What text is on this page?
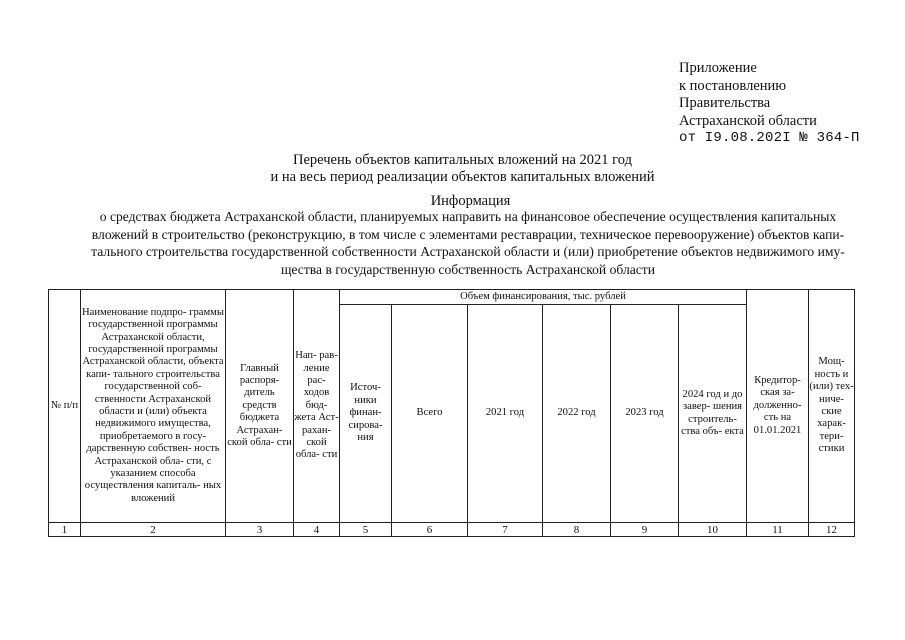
Приложение
к постановлению
Правительства
Астраханской области
от I9.08.202I № 364-П
Перечень объектов капитальных вложений на 2021 год
и на весь период реализации объектов капитальных вложений
Информация
о средствах бюджета Астраханской области, планируемых направить на финансовое обеспечение осуществления капитальных
вложений в строительство (реконструкцию, в том числе с элементами реставрации, техническое перевооружение) объектов капи-
тального строительства государственной собственности Астраханской области и (или) приобретение объектов недвижимого иму-
щества в государственную собственность Астраханской области
№ п/п	Наименование подпро- граммы государственной программы Астраханской области, государственной программы Астраханской области, объекта капи- тального строительства государственной соб- ственности Астраханской области и (или) объекта недвижимого имущества, приобретаемого в госу- дарственную собствен- ность Астраханской обла- сти, с указанием способа осуществления капиталь- ных вложений	Главный распоря- дитель средств бюджета Астрахан- ской обла- сти	Нап- рав- ление рас- ходов бюд- жета Аст- рахан- ской обла- сти	Объем финансирования, тыс. рублей						Кредитор- ская за- долженно- сть на 01.01.2021	Мощ- ность и (или) тех- ниче- ские харак- тери- стики
				Источ- ники финан- сирова- ния	Всего	2021 год	2022 год	2023 год	2024 год и до завер- шения строитель- ства объ- екта		
1	2	3	4	5	6	7	8	9	10	11	12
